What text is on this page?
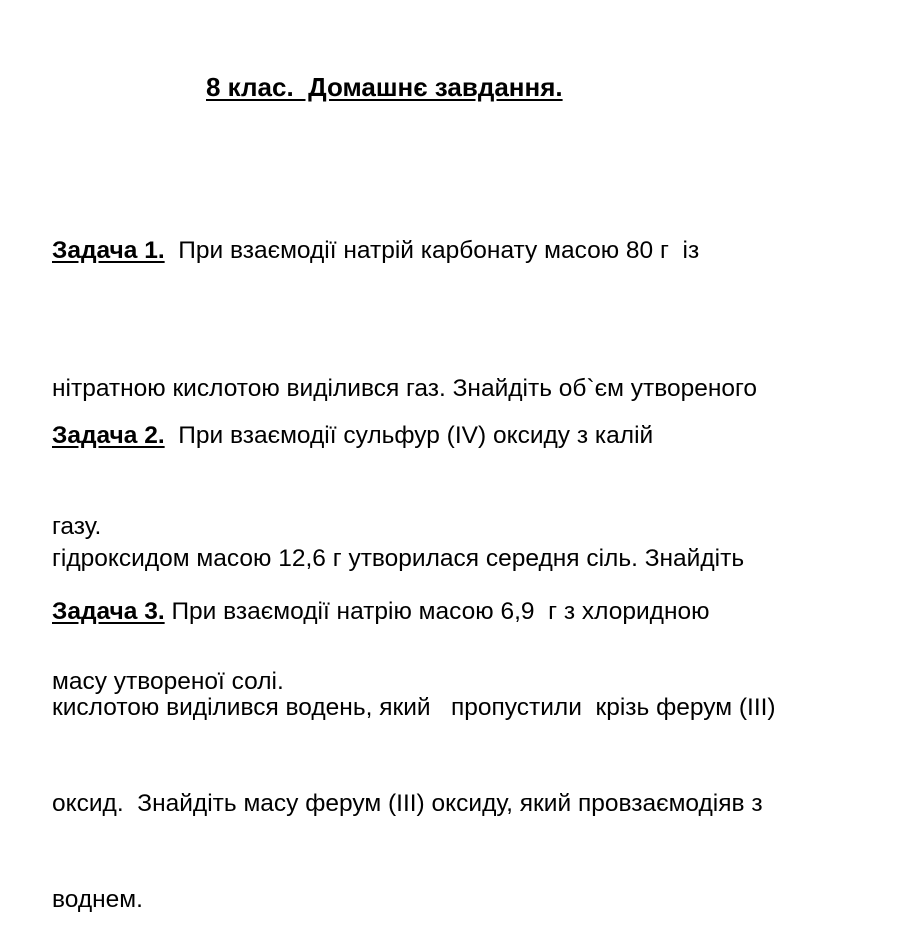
8 клас.  Домашнє завдання.

Задача 1.  При взаємодії натрій карбонату масою 80 г  із

нітратною кислотою виділився газ. Знайдіть об`єм утвореного

газу.

Задача 2.  При взаємодії сульфур (IV) оксиду з калій

гідроксидом масою 12,6 г утворилася середня сіль. Знайдіть

масу утвореної солі.

Задача 3. При взаємодії натрію масою 6,9  г з хлоридною

кислотою виділився водень, який   пропустили  крізь ферум (III)

оксид.  Знайдіть масу ферум (III) оксиду, який провзаємодіяв з

воднем.
